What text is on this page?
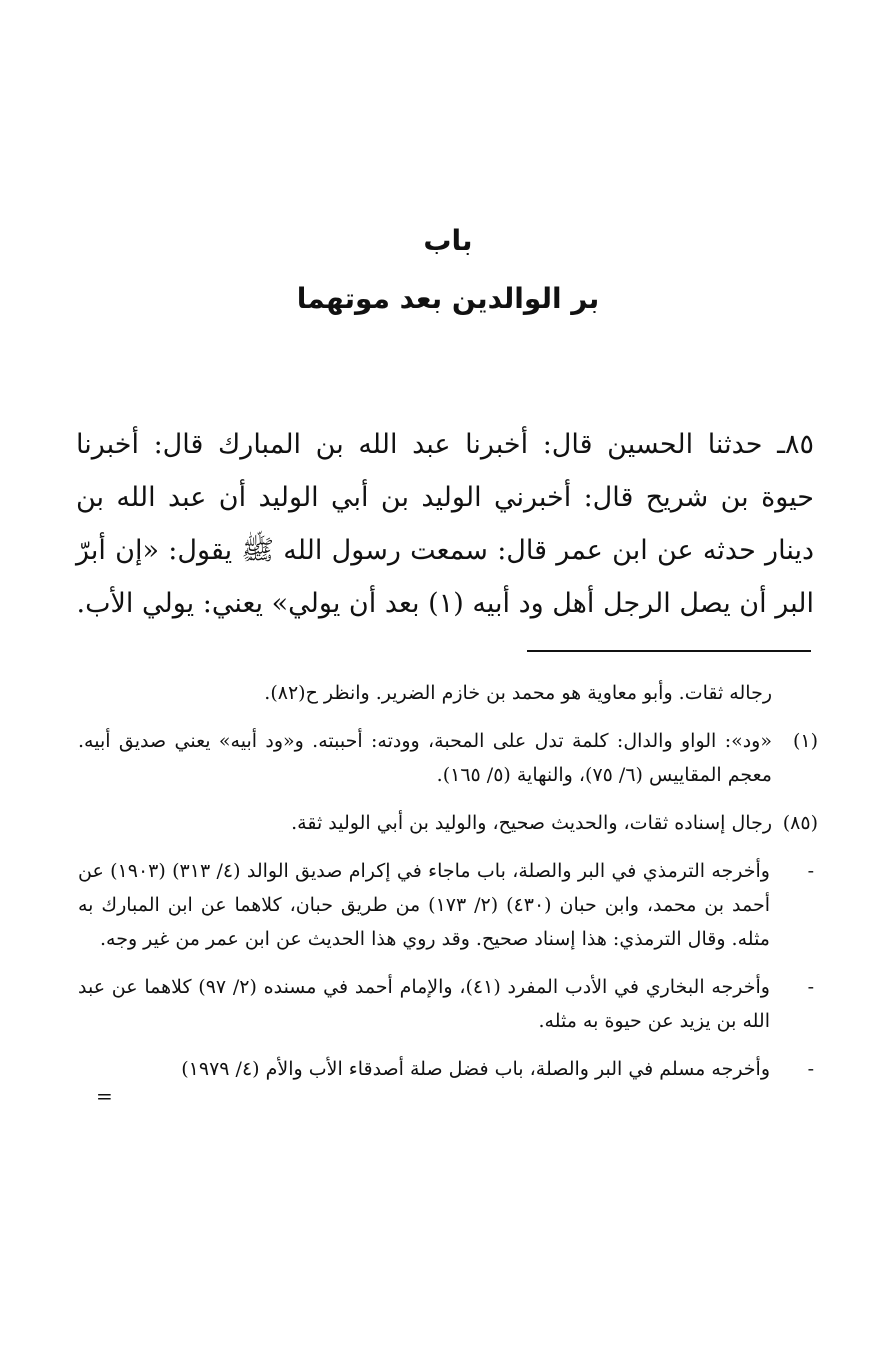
باب
بر الوالدين بعد موتهما

٨٥ـ حدثنا الحسين قال: أخبرنا عبد الله بن المبارك قال: أخبرنا حيوة بن شريح قال: أخبرني الوليد بن أبي الوليد أن عبد الله بن دينار حدثه عن ابن عمر قال: سمعت رسول الله ﷺ يقول: «إن أبرّ البر أن يصل الرجل أهل ود أبيه (١) بعد أن يولي» يعني: يولي الأب.

رجاله ثقات. وأبو معاوية هو محمد بن خازم الضرير. وانظر ح(٨٢).
(١)
«ود»: الواو والدال: كلمة تدل على المحبة، وودته: أحببته. و«ود أبيه» يعني صديق أبيه. معجم المقاييس (٦/ ٧٥)، والنهاية (٥/ ١٦٥).
(٨٥)
رجال إسناده ثقات، والحديث صحيح، والوليد بن أبي الوليد ثقة.
-
وأخرجه الترمذي في البر والصلة، باب ماجاء في إكرام صديق الوالد (٤/ ٣١٣) (١٩٠٣) عن أحمد بن محمد، وابن حبان (٤٣٠) (٢/ ١٧٣) من طريق حبان، كلاهما عن ابن المبارك به مثله. وقال الترمذي: هذا إسناد صحيح. وقد روي هذا الحديث عن ابن عمر من غير وجه.
-
وأخرجه البخاري في الأدب المفرد (٤١)، والإمام أحمد في مسنده (٢/ ٩٧) كلاهما عن عبد الله بن يزيد عن حيوة به مثله.
-
وأخرجه مسلم في البر والصلة، باب فضل صلة أصدقاء الأب والأم (٤/ ١٩٧٩)
=
